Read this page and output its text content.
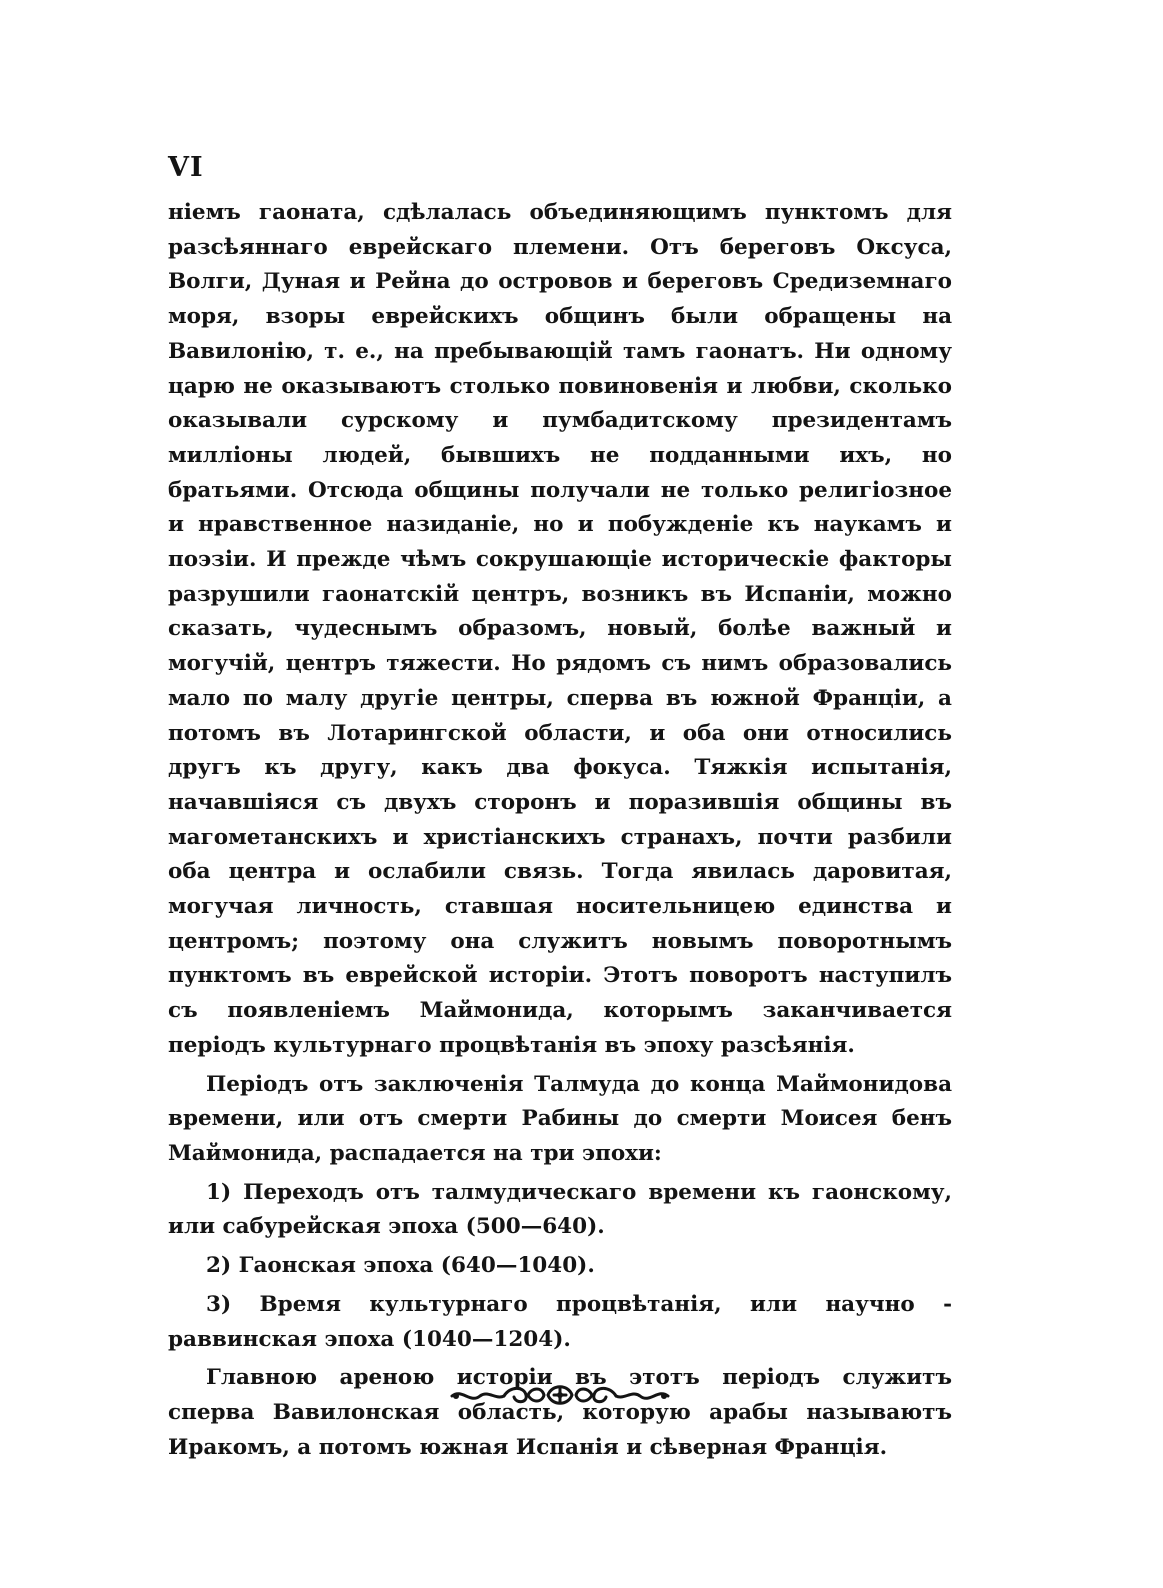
VI

ніемъ гаоната, сдѣлалась объединяющимъ пунктомъ для разсѣяннаго еврейскаго племени. Отъ береговъ Оксуса, Волги, Дуная и Рейна до островов и береговъ Средиземнаго моря, взоры еврейскихъ общинъ были обращены на Вавилонію, т. е., на пребывающій тамъ гаонатъ. Ни одному царю не оказываютъ столько повиновенія и любви, сколько оказывали сурскому и пумбадитскому президентамъ милліоны людей, бывшихъ не подданными ихъ, но братьями. Отсюда общины получали не только религіозное и нравственное назиданіе, но и побужденіе къ наукамъ и поэзіи. И прежде чѣмъ сокрушающіе историческіе факторы разрушили гаонатскій центръ, возникъ въ Испаніи, можно сказать, чудеснымъ образомъ, новый, болѣе важный и могучій, центръ тяжести. Но рядомъ съ нимъ образовались мало по малу другіе центры, сперва въ южной Франціи, а потомъ въ Лотарингской области, и оба они относились другъ къ другу, какъ два фокуса. Тяжкія испытанія, начавшіяся съ двухъ сторонъ и поразившія общины въ магометанскихъ и христіанскихъ странахъ, почти разбили оба центра и ослабили связь. Тогда явилась даровитая, могучая личность, ставшая носительницею единства и центромъ; поэтому она служитъ новымъ поворотнымъ пунктомъ въ еврейской исторіи. Этотъ поворотъ наступилъ съ появленіемъ Маймонида, которымъ заканчивается періодъ культурнаго процвѣтанія въ эпоху разсѣянія.

Періодъ отъ заключенія Талмуда до конца Маймонидова времени, или отъ смерти Рабины до смерти Моисея бенъ Маймонида, распадается на три эпохи:

1) Переходъ отъ талмудическаго времени къ гаонскому, или сабурейская эпоха (500—640).

2) Гаонская эпоха (640—1040).

3) Время культурнаго процвѣтанія, или научно - раввинская эпоха (1040—1204).

Главною ареною исторіи въ этотъ періодъ служитъ сперва Вавилонская область, которую арабы называютъ Иракомъ, а потомъ южная Испанія и сѣверная Франція.
